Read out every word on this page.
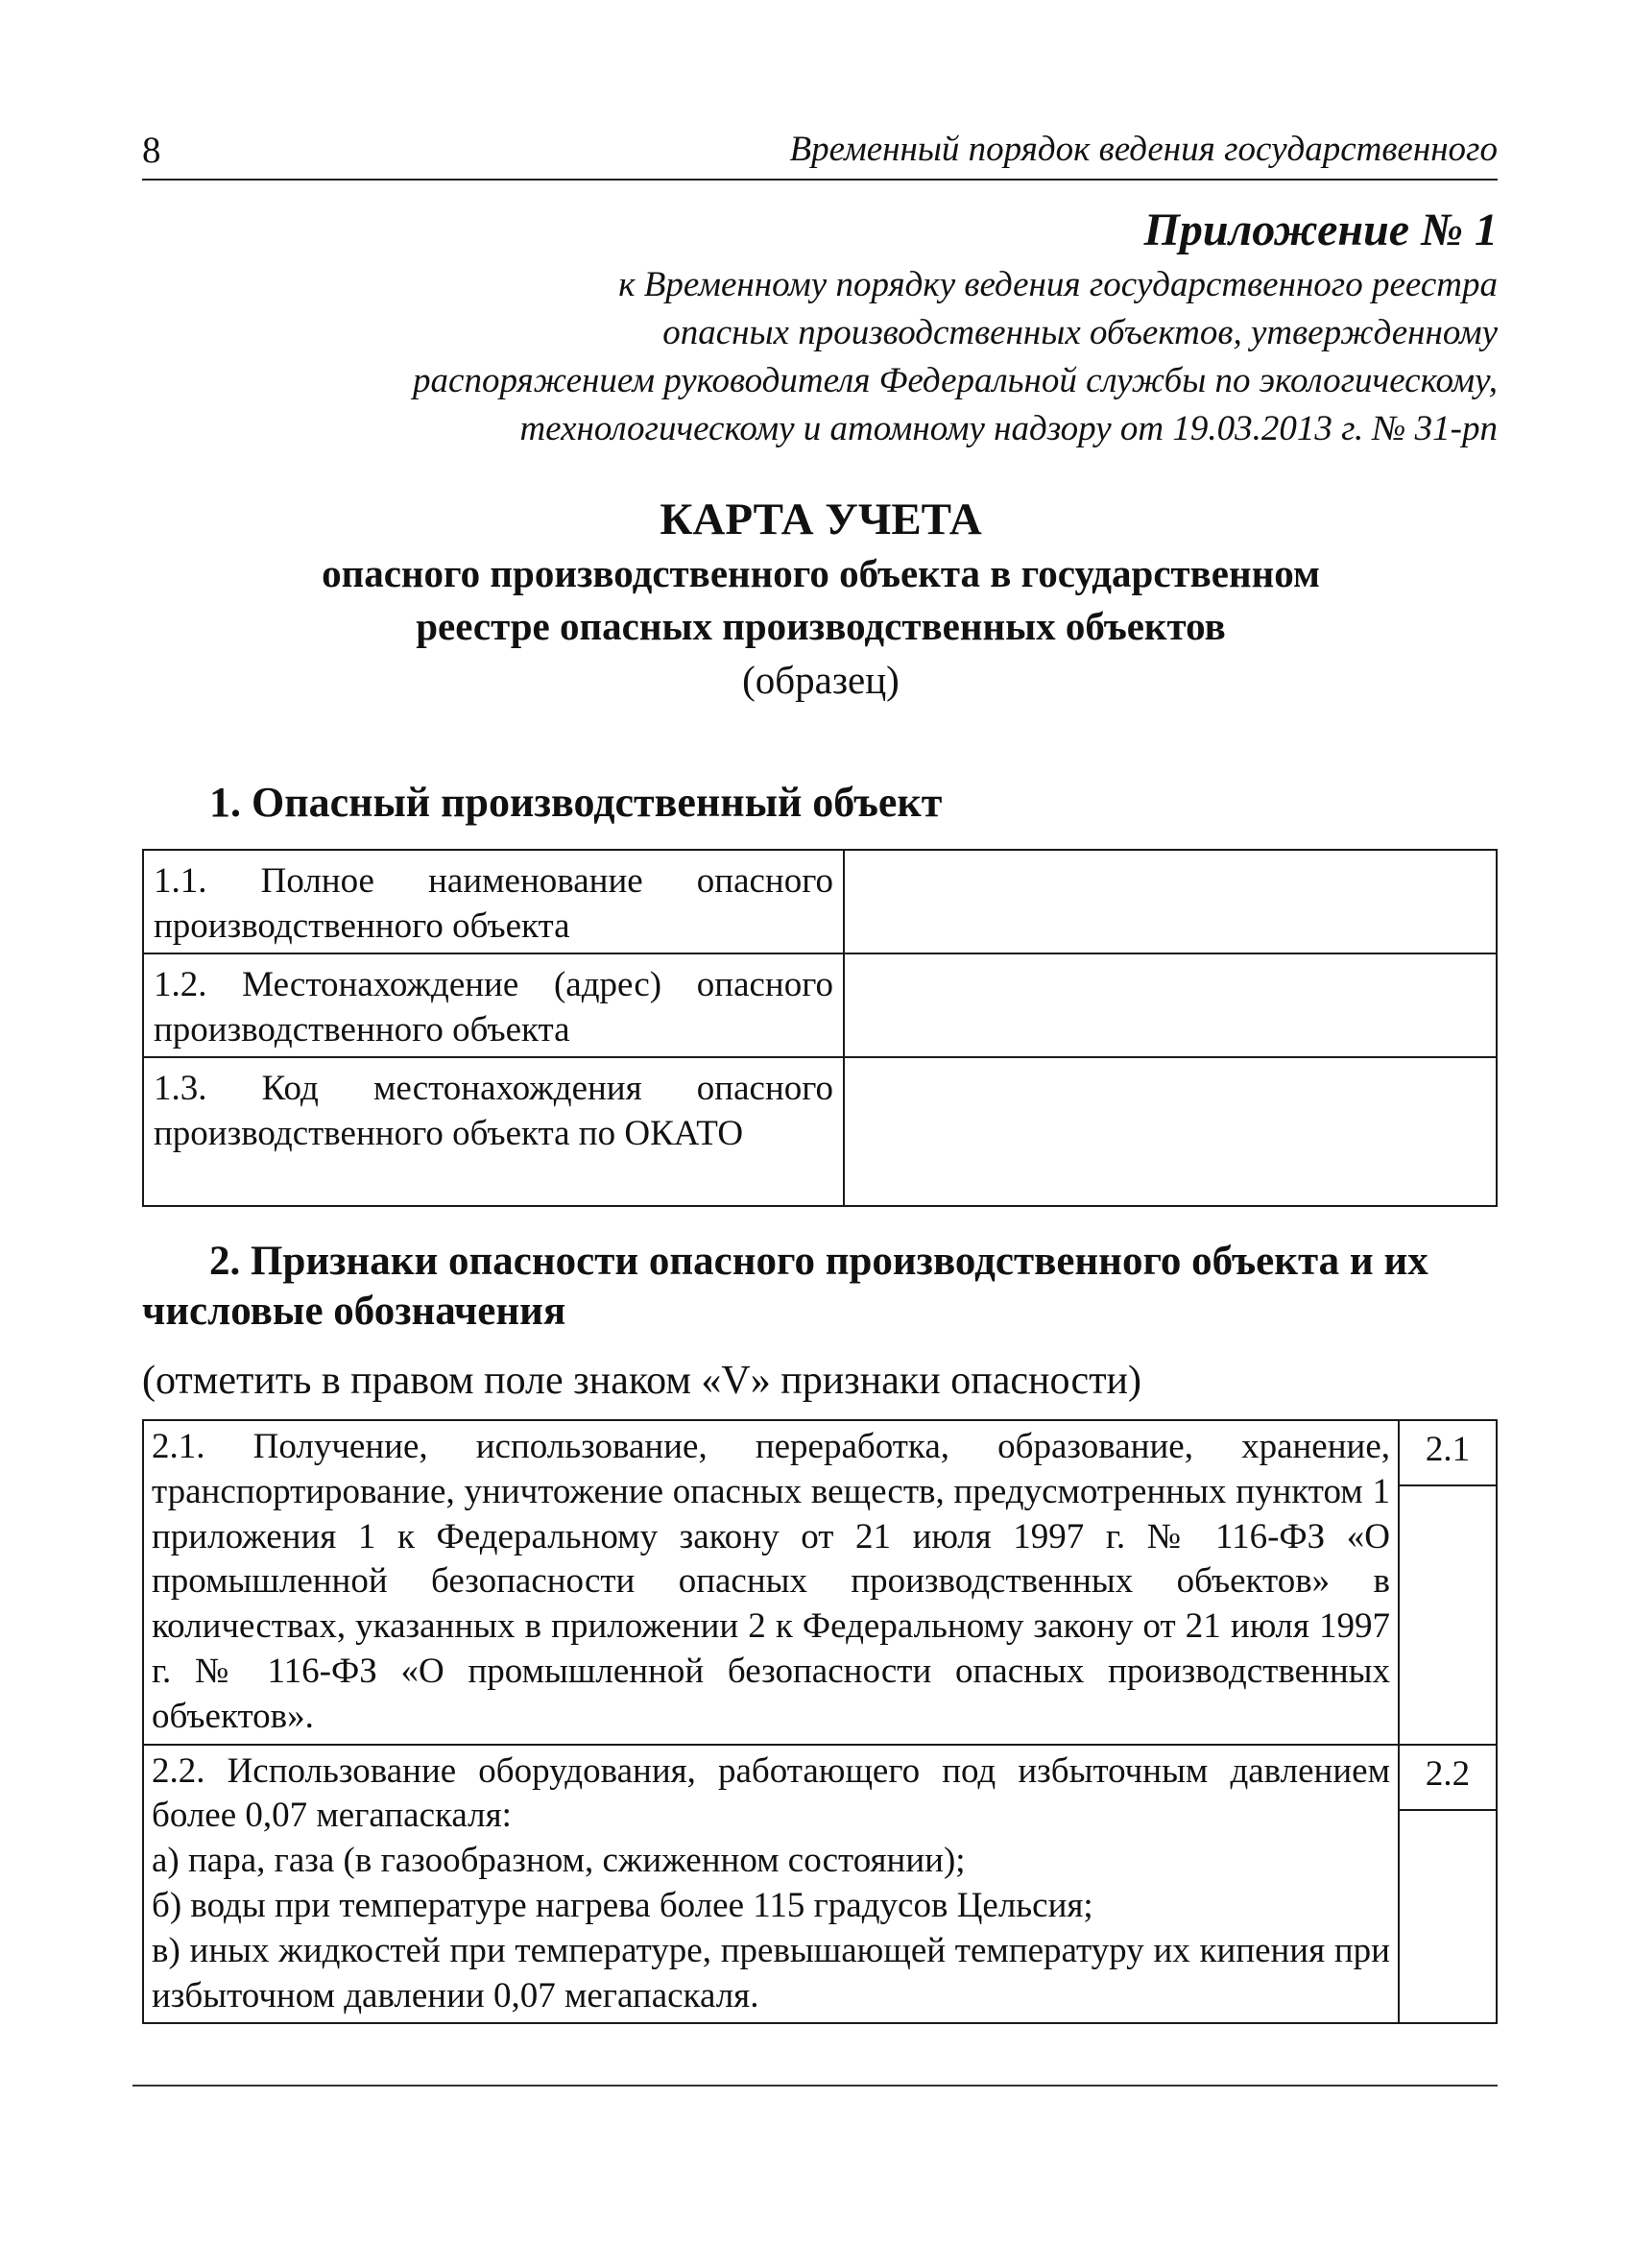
8	Временный порядок ведения государственного
Приложение № 1
к Временному порядку ведения государственного реестра
опасных производственных объектов, утвержденному
распоряжением руководителя Федеральной службы по экологическому,
технологическому и атомному надзору от 19.03.2013 г. № 31-рп
КАРТА УЧЕТА
опасного производственного объекта в государственном
реестре опасных производственных объектов
(образец)
1. Опасный производственный объект
1.1. Полное наименование опасного производственного объекта	
1.2. Местонахождение (адрес) опасного производственного объекта	
1.3. Код местонахождения опасного производственного объекта по ОКАТО	
2. Признаки опасности опасного производственного объекта и их числовые обозначения
(отметить в правом поле знаком «V» признаки опасности)
2.1. Получение, использование, переработка, образование, хранение, транспортирование, уничтожение опасных веществ, предусмотренных пунктом 1 приложения 1 к Федеральному закону от 21 июля 1997 г. № 116-ФЗ «О промышленной безопасности опасных производственных объектов» в количествах, указанных в приложении 2 к Федеральному закону от 21 июля 1997 г. № 116-ФЗ «О промышленной безопасности опасных производственных объектов».	2.1

2.2. Использование оборудования, работающего под избыточным давлением более 0,07 мегапаскаля:

а) пара, газа (в газообразном, сжиженном состоянии);

б) воды при температуре нагрева более 115 градусов Цельсия;

в) иных жидкостей при температуре, превышающей температуру их кипения при избыточном давлении 0,07 мегапаскаля.	2.2
